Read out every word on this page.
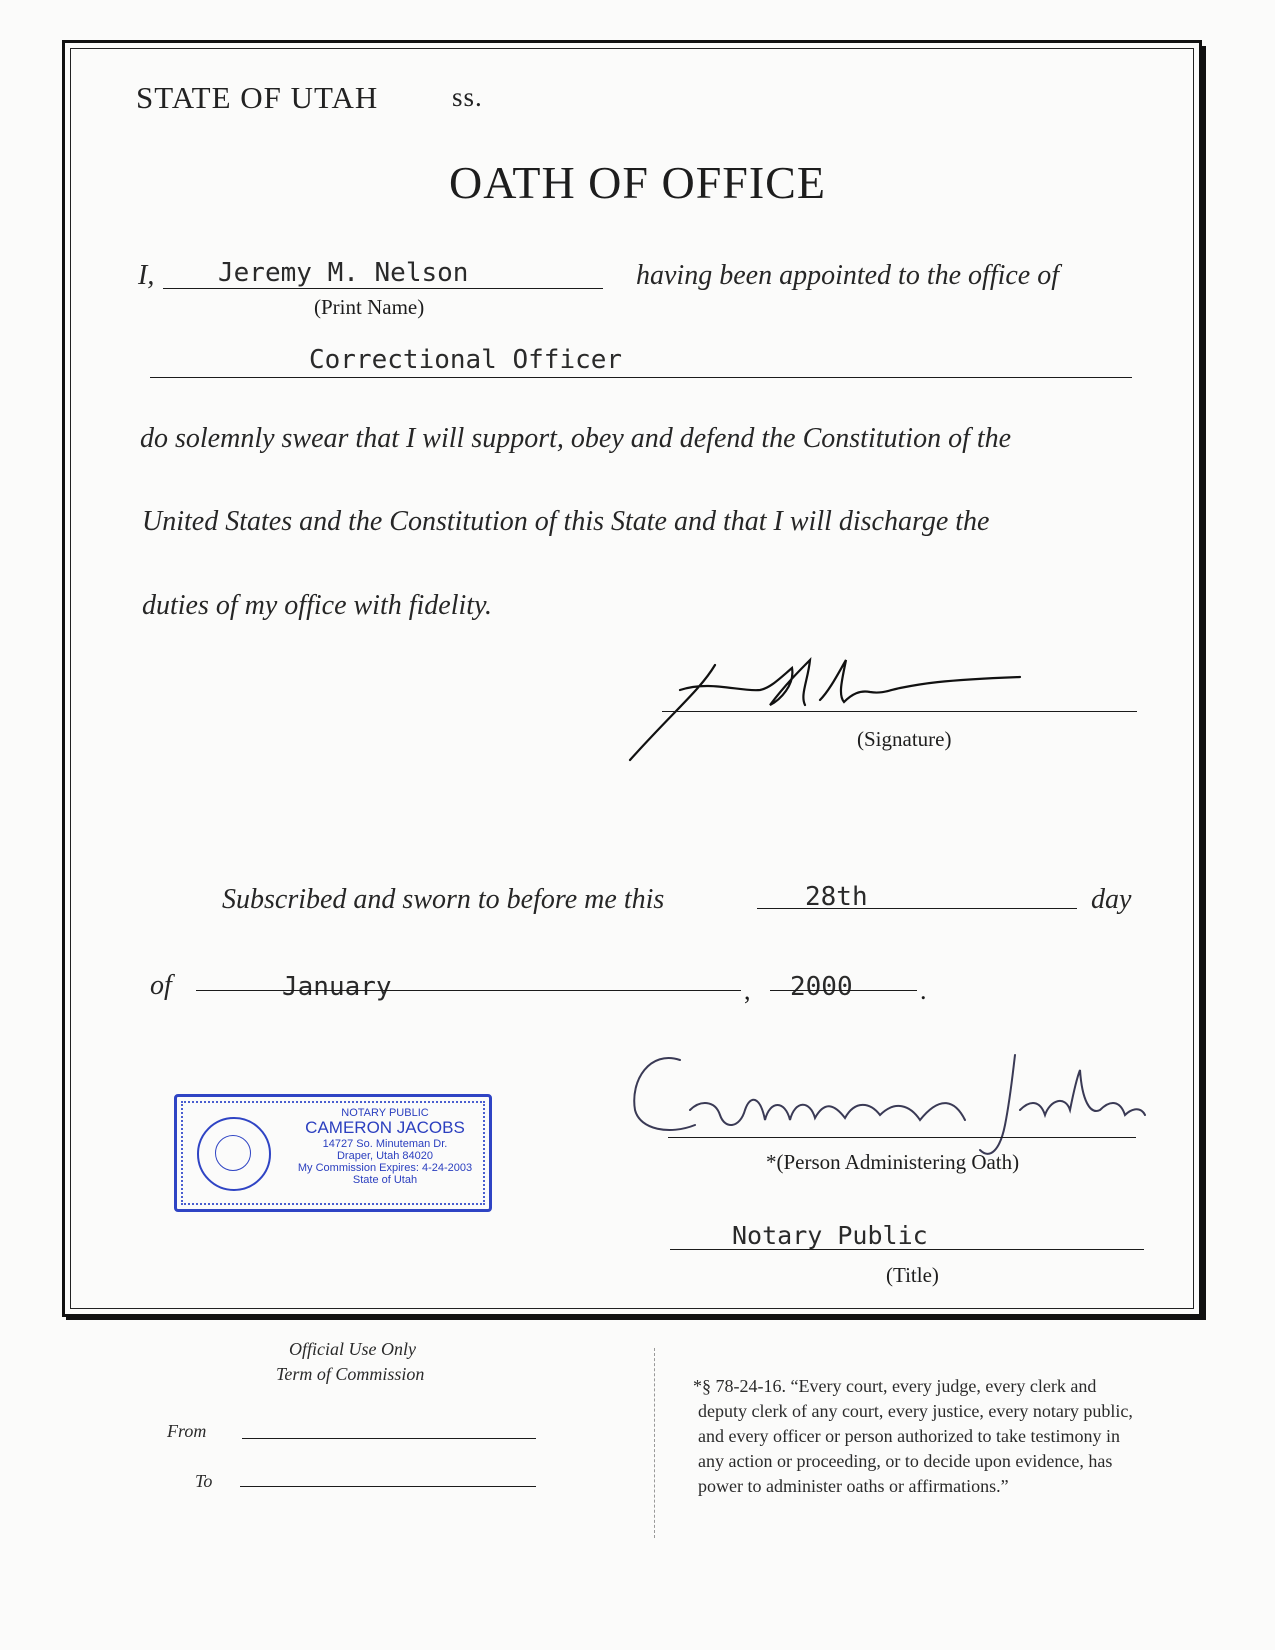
STATE OF UTAH	ss.
OATH OF OFFICE
I, Jeremy M. Nelson
(Print Name)
having been appointed to the office of
Correctional Officer
do solemnly swear that I will support, obey and defend the Constitution of the
United States and the Constitution of this State and that I will discharge the
duties of my office with fidelity.
(Signature)
Subscribed and sworn to before me this	28th	day
of	January	, 2000	.
NOTARY PUBLIC
CAMERON JACOBS
14727 So. Minuteman Dr.
Draper, Utah 84020
My Commission Expires: 4-24-2003
State of Utah
*(Person Administering Oath)
Notary Public
(Title)
Official Use Only
Term of Commission
From
To
*§ 78-24-16. “Every court, every judge, every clerk and
deputy clerk of any court, every justice, every notary public,
and every officer or person authorized to take testimony in
any action or proceeding, or to decide upon evidence, has
power to administer oaths or affirmations.”
